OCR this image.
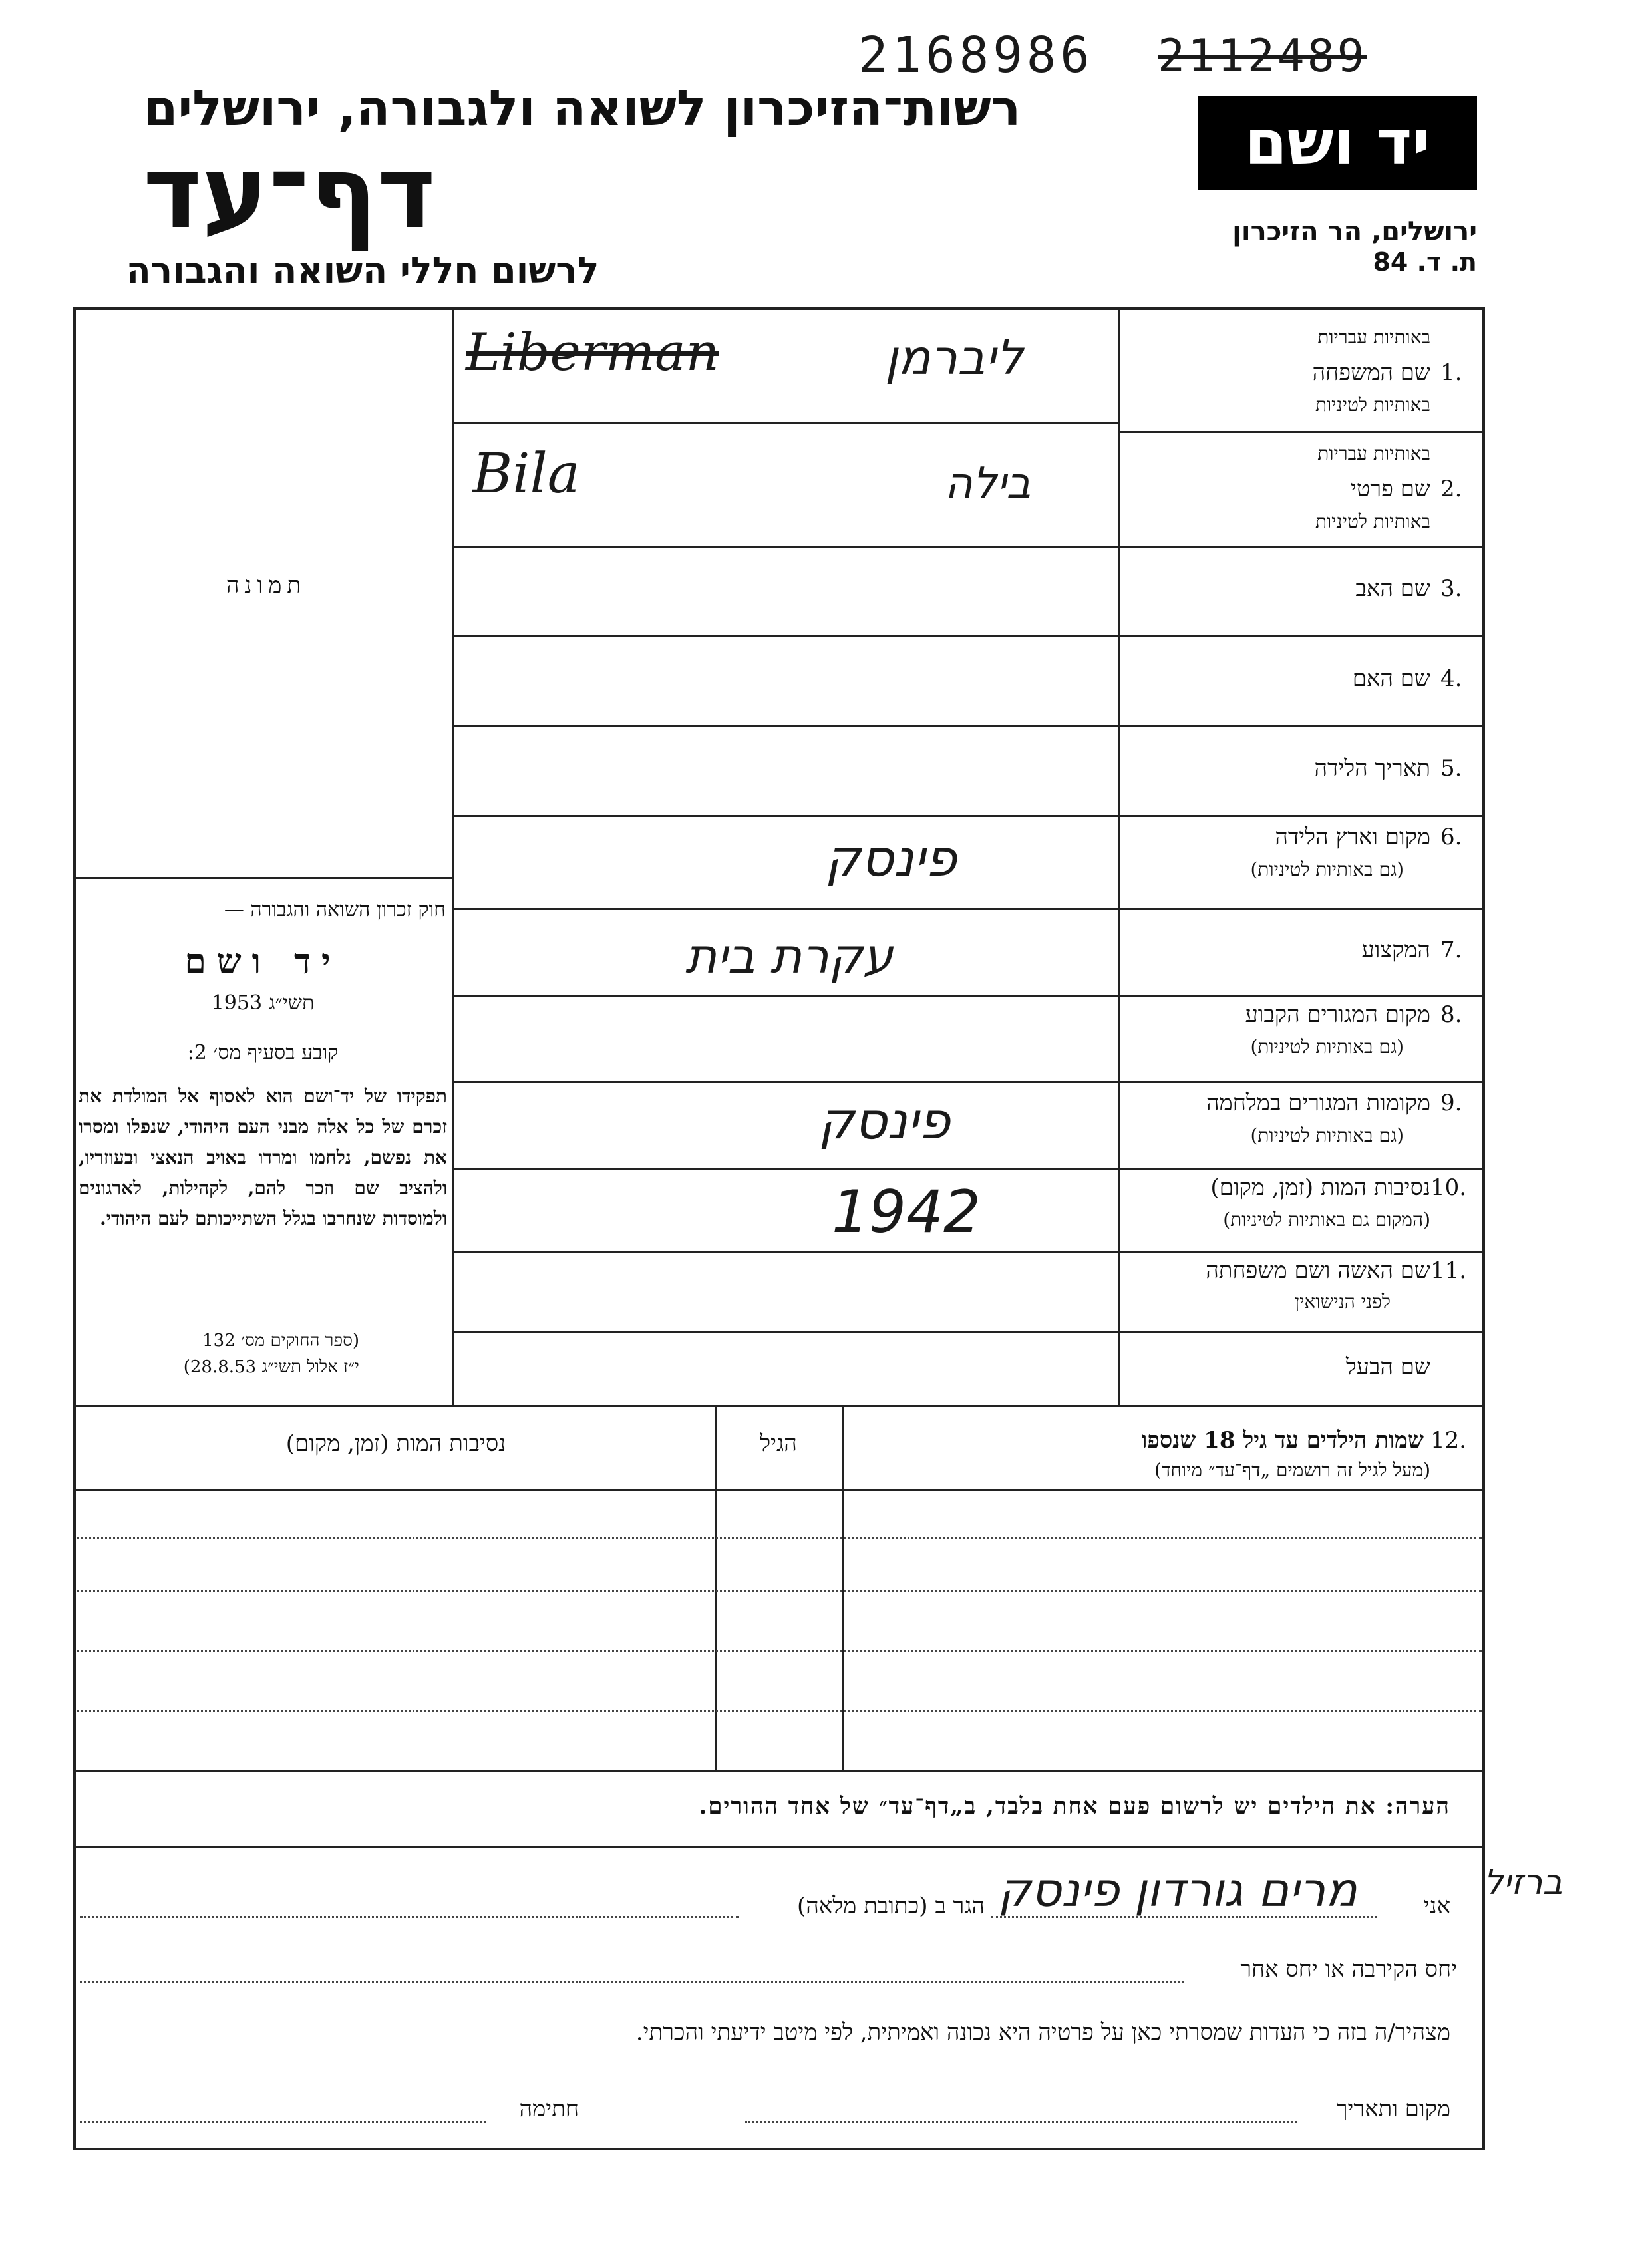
2168986 2112489
רשות־הזיכרון לשואה ולגבורה, ירושלים
דף־עד
לרשום חללי השואה והגבורה
יד ושם
ירושלים, הר הזיכרון
ת. ד. 84
תמונה
חוק זכרון השואה והגבורה —
יד ושם
תשי״ג 1953
קובע בסעיף מס׳ 2:
תפקידו של יד־ושם הוא לאסוף אל המולדת את זכרם של כל אלה מבני העם היהודי, שנפלו ומסרו את נפשם, נלחמו ומרדו באויב הנאצי ובעוזריו, ולהציב שם וזכר להם, לקהילות, לארגונים ולמוסדות שנחרבו בגלל השתייכותם לעם היהודי.
(ספר החוקים מס׳ 132
י״ז אלול תשי״ג 28.8.53)
באותיות עבריות
שם המשפחה 1.
באותיות לטיניות
ליברמן
Liberman
באותיות עבריות
שם פרטי 2.
באותיות לטיניות
בילה
Bila
שם האב 3.
שם האם 4.
תאריך הלידה 5.
מקום וארץ הלידה 6.
(גם באותיות לטיניות)
פינסק
המקצוע 7.
עקרת בית
מקום המגורים הקבוע 8.
(גם באותיות לטיניות)
מקומות המגורים במלחמה 9.
(גם באותיות לטיניות)
פינסק
נסיבות המות (זמן, מקום) 10.
(המקום גם באותיות לטיניות)
1942
שם האשה ושם משפחתה 11.
לפני הנישואין
שם הבעל
שמות הילדים עד גיל 18 שנספו 12.
(מעל לגיל זה רושמים „דף־עד״ מיוחד)
הגיל
נסיבות המות (זמן, מקום)
הערה: את הילדים יש לרשום פעם אחת בלבד, ב„דף־עד״ של אחד ההורים.
ברזיל
אני
מרים גורדון פינסק
הגר ב (כתובת מלאה)
יחס הקירבה או יחס אחר
מצהיר/ה בזה כי העדות שמסרתי כאן על פרטיה היא נכונה ואמיתית, לפי מיטב ידיעתי והכרתי.
מקום ותאריך
חתימה
